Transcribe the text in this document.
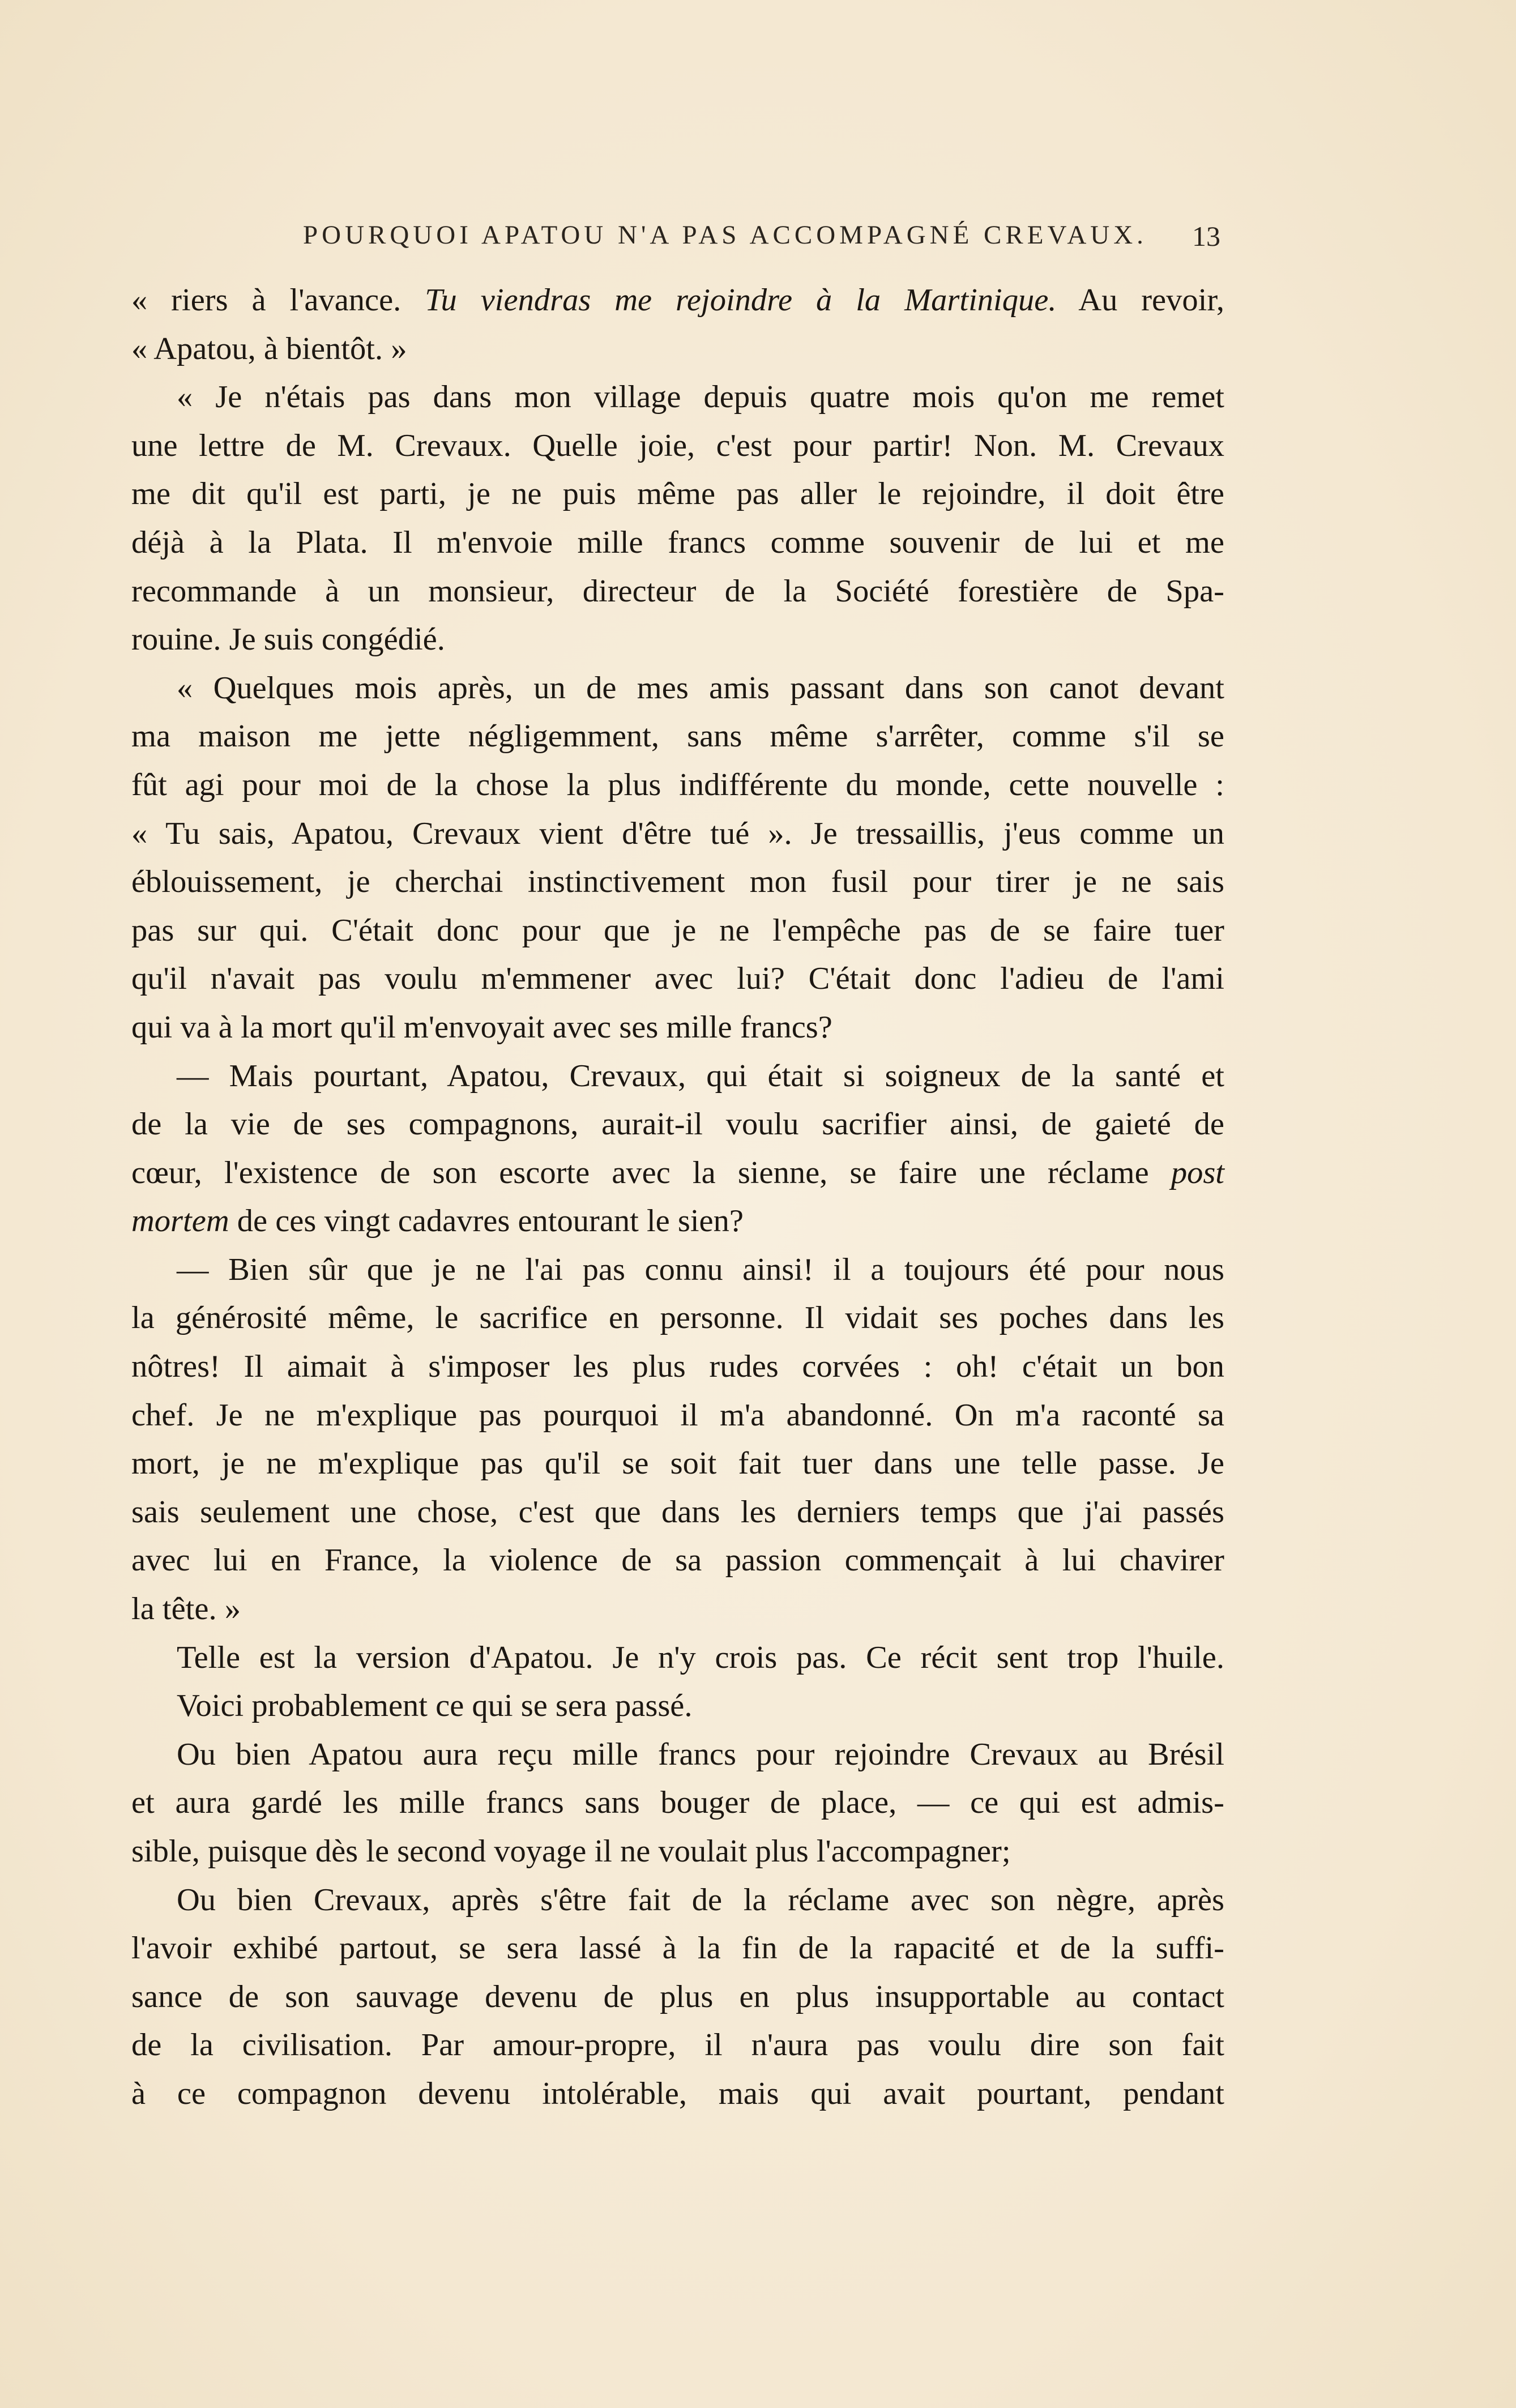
POURQUOI APATOU N'A PAS ACCOMPAGNÉ CREVAUX.	13
« riers à l'avance. Tu viendras me rejoindre à la Martinique. Au revoir,
« Apatou, à bientôt. »
« Je n'étais pas dans mon village depuis quatre mois qu'on me remet
une lettre de M. Crevaux. Quelle joie, c'est pour partir! Non. M. Crevaux
me dit qu'il est parti, je ne puis même pas aller le rejoindre, il doit être
déjà à la Plata. Il m'envoie mille francs comme souvenir de lui et me
recommande à un monsieur, directeur de la Société forestière de Spa-
rouine. Je suis congédié.
« Quelques mois après, un de mes amis passant dans son canot devant
ma maison me jette négligemment, sans même s'arrêter, comme s'il se
fût agi pour moi de la chose la plus indifférente du monde, cette nouvelle :
« Tu sais, Apatou, Crevaux vient d'être tué ». Je tressaillis, j'eus comme un
éblouissement, je cherchai instinctivement mon fusil pour tirer je ne sais
pas sur qui. C'était donc pour que je ne l'empêche pas de se faire tuer
qu'il n'avait pas voulu m'emmener avec lui? C'était donc l'adieu de l'ami
qui va à la mort qu'il m'envoyait avec ses mille francs?
— Mais pourtant, Apatou, Crevaux, qui était si soigneux de la santé et
de la vie de ses compagnons, aurait-il voulu sacrifier ainsi, de gaieté de
cœur, l'existence de son escorte avec la sienne, se faire une réclame post
mortem de ces vingt cadavres entourant le sien?
— Bien sûr que je ne l'ai pas connu ainsi! il a toujours été pour nous
la générosité même, le sacrifice en personne. Il vidait ses poches dans les
nôtres! Il aimait à s'imposer les plus rudes corvées : oh! c'était un bon
chef. Je ne m'explique pas pourquoi il m'a abandonné. On m'a raconté sa
mort, je ne m'explique pas qu'il se soit fait tuer dans une telle passe. Je
sais seulement une chose, c'est que dans les derniers temps que j'ai passés
avec lui en France, la violence de sa passion commençait à lui chavirer
la tête. »
Telle est la version d'Apatou. Je n'y crois pas. Ce récit sent trop l'huile.
Voici probablement ce qui se sera passé.
Ou bien Apatou aura reçu mille francs pour rejoindre Crevaux au Brésil
et aura gardé les mille francs sans bouger de place, — ce qui est admis-
sible, puisque dès le second voyage il ne voulait plus l'accompagner;
Ou bien Crevaux, après s'être fait de la réclame avec son nègre, après
l'avoir exhibé partout, se sera lassé à la fin de la rapacité et de la suffi-
sance de son sauvage devenu de plus en plus insupportable au contact
de la civilisation. Par amour-propre, il n'aura pas voulu dire son fait
à ce compagnon devenu intolérable, mais qui avait pourtant, pendant
